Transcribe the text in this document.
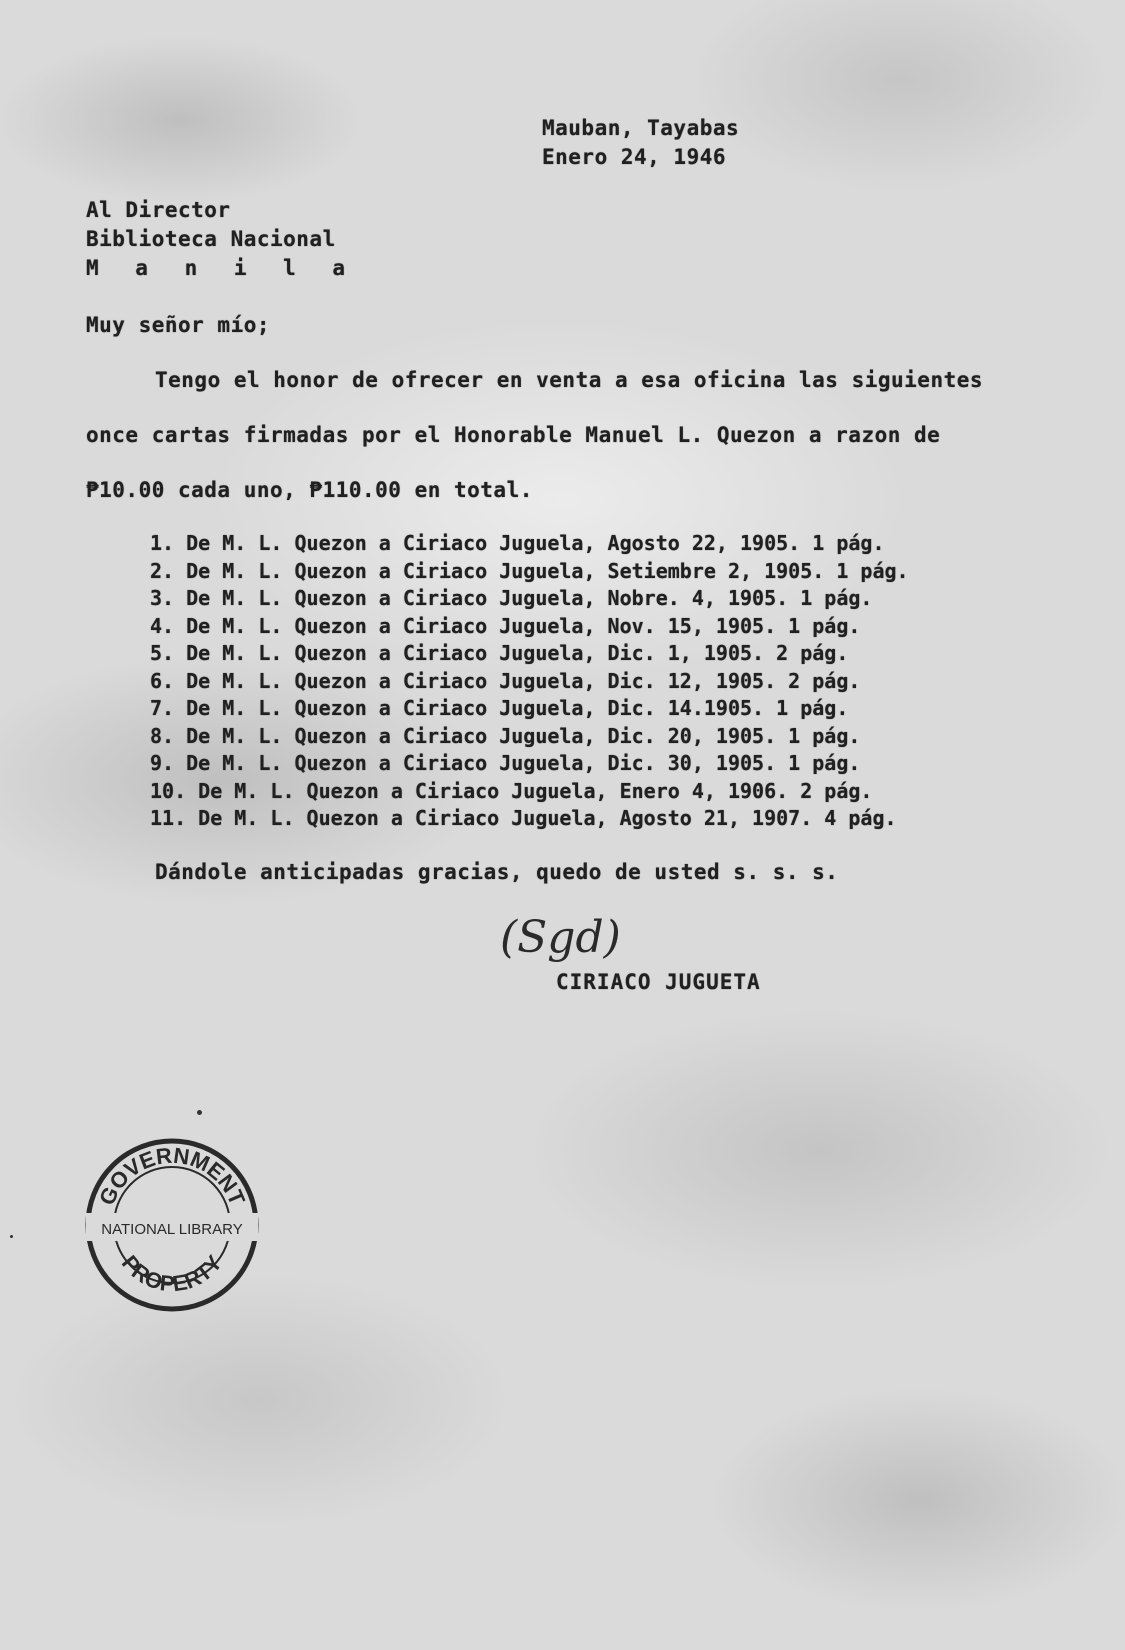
Mauban, Tayabas
Enero 24, 1946
Al Director
Biblioteca Nacional
M a n i l a
Muy señor mío;
Tengo el honor de ofrecer en venta a esa oficina las siguientes
once cartas firmadas por el Honorable Manuel L. Quezon a razon de
₱10.00 cada uno, ₱110.00 en total.
1. De M. L. Quezon a Ciriaco Juguela, Agosto 22, 1905. 1 pág.
2. De M. L. Quezon a Ciriaco Juguela, Setiembre 2, 1905. 1 pág.
3. De M. L. Quezon a Ciriaco Juguela, Nobre. 4, 1905. 1 pág.
4. De M. L. Quezon a Ciriaco Juguela, Nov. 15, 1905. 1 pág.
5. De M. L. Quezon a Ciriaco Juguela, Dic. 1, 1905. 2 pág.
6. De M. L. Quezon a Ciriaco Juguela, Dic. 12, 1905. 2 pág.
7. De M. L. Quezon a Ciriaco Juguela, Dic. 14.1905. 1 pág.
8. De M. L. Quezon a Ciriaco Juguela, Dic. 20, 1905. 1 pág.
9. De M. L. Quezon a Ciriaco Juguela, Dic. 30, 1905. 1 pág.
10. De M. L. Quezon a Ciriaco Juguela, Enero 4, 1906. 2 pág.
11. De M. L. Quezon a Ciriaco Juguela, Agosto 21, 1907. 4 pág.
Dándole anticipadas gracias, quedo de usted s. s. s.
(Sgd)
CIRIACO JUGUETA
GOVERNMENT
PROPERTY
NATIONAL LIBRARY
